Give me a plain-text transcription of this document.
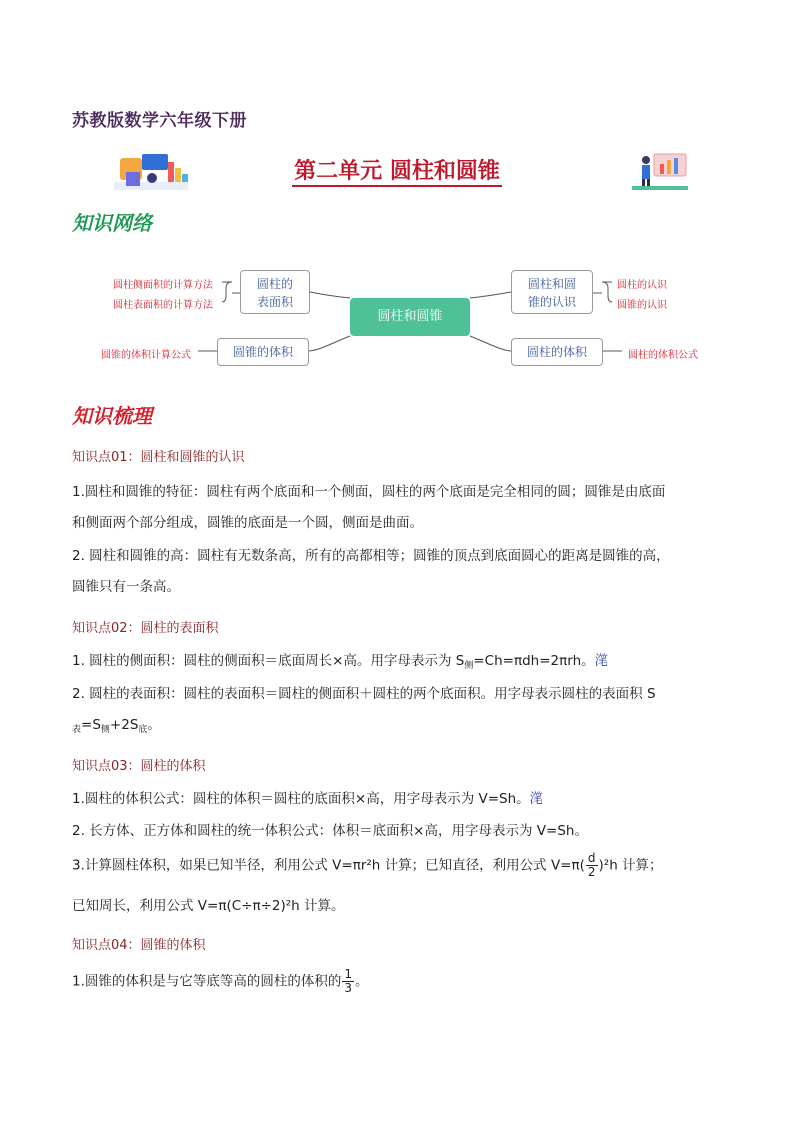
苏教版数学六年级下册
第二单元 圆柱和圆锥
知识网络
圆柱和圆锥
圆柱的
表面积
圆柱侧面积的计算方法
圆柱表面积的计算方法
圆锥的体积
圆锥的体积计算公式
圆柱和圆
锥的认识
圆柱的认识
圆锥的认识
圆柱的体积	圆柱的体积公式
知识梳理
知识点01：圆柱和圆锥的认识
1.圆柱和圆锥的特征：圆柱有两个底面和一个侧面，圆柱的两个底面是完全相同的圆；圆锥是由底面
和侧面两个部分组成，圆锥的底面是一个圆，侧面是曲面。
2. 圆柱和圆锥的高：圆柱有无数条高，所有的高都相等；圆锥的顶点到底面圆心的距离是圆锥的高，
圆锥只有一条高。
知识点02：圆柱的表面积
1. 圆柱的侧面积：圆柱的侧面积＝底面周长×高。用字母表示为 $S_侧=Ch=\pi dh=2\pi rh$。滗
2. 圆柱的表面积：圆柱的表面积＝圆柱的侧面积＋圆柱的两个底面积。用字母表示圆柱的表面积 S
$_表=S_侧+2S_底$。
知识点03：圆柱的体积
1.圆柱的体积公式：圆柱的体积＝圆柱的底面积×高，用字母表示为 V=Sh。滗
2. 长方体、正方体和圆柱的统一体积公式：体积＝底面积×高，用字母表示为 V=Sh。
3.计算圆柱体积，如果已知半径，利用公式 V=πr²h 计算；已知直径，利用公式 $V=\pi( \frac{d}{2} )^2h$ 计算；
已知周长，利用公式 V=π(C÷π÷2)²h 计算。
知识点04：圆锥的体积
1.圆锥的体积是与它等底等高的圆柱的体积的 $\frac{1}{3}$ 。
